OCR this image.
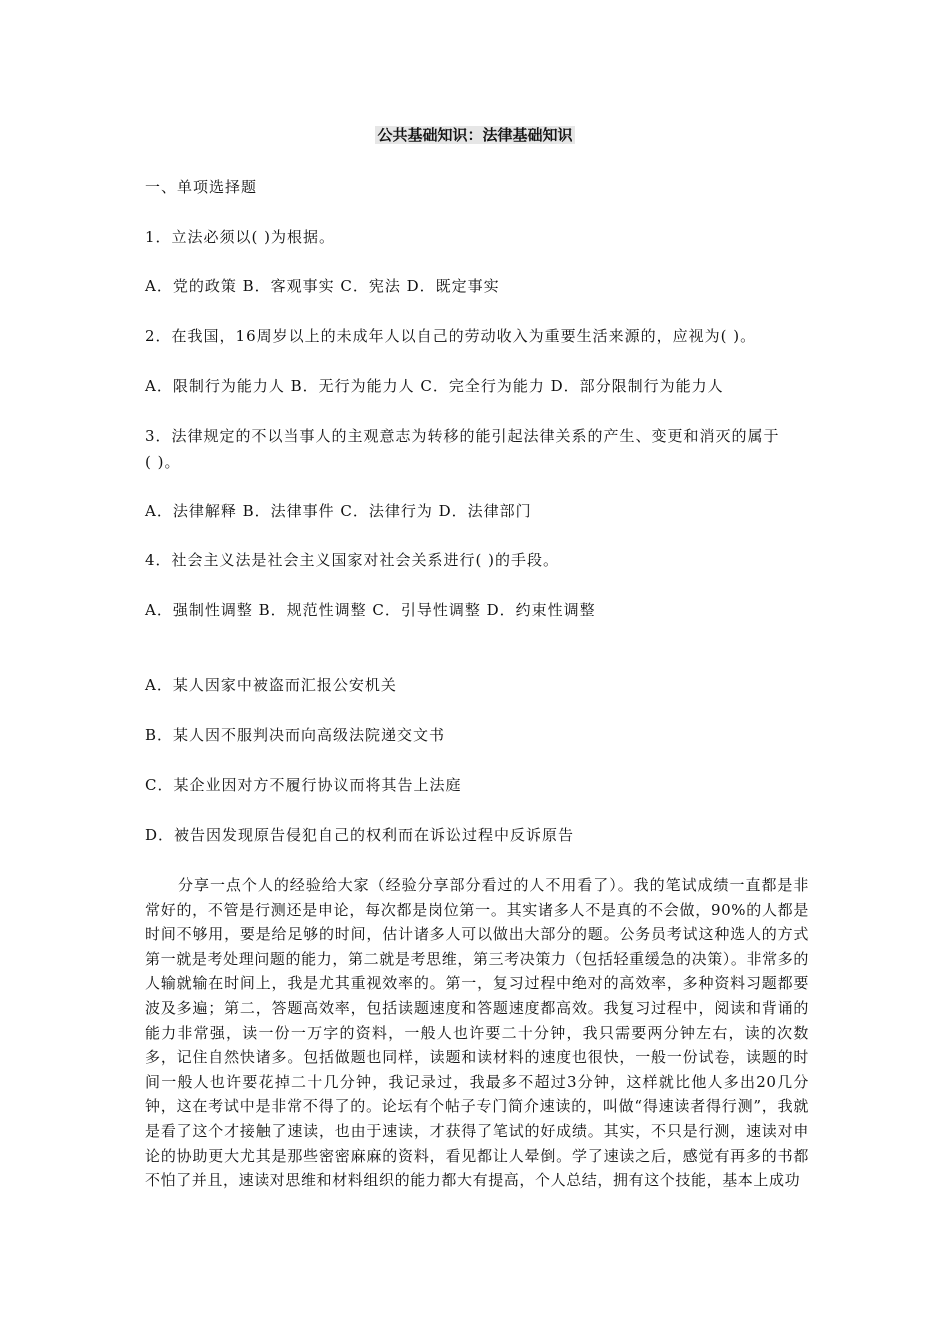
公共基础知识：法律基础知识
一、单项选择题
1．立法必须以( )为根据。
A．党的政策 B．客观事实 C．宪法 D．既定事实
2．在我国，16周岁以上的未成年人以自己的劳动收入为重要生活来源的，应视为( )。
A．限制行为能力人 B．无行为能力人 C．完全行为能力 D．部分限制行为能力人
3．法律规定的不以当事人的主观意志为转移的能引起法律关系的产生、变更和消灭的属于
( )。
A．法律解释 B．法律事件 C．法律行为 D．法律部门
4．社会主义法是社会主义国家对社会关系进行( )的手段。
A．强制性调整 B．规范性调整 C．引导性调整 D．约束性调整
A．某人因家中被盗而汇报公安机关
B．某人因不服判决而向高级法院递交文书
C．某企业因对方不履行协议而将其告上法庭
D．被告因发现原告侵犯自己的权利而在诉讼过程中反诉原告
分享一点个人的经验给大家（经验分享部分看过的人不用看了）。我的笔试成绩一直都是非常好的，不管是行测还是申论，每次都是岗位第一。其实诸多人不是真的不会做，90%的人都是时间不够用，要是给足够的时间，估计诸多人可以做出大部分的题。公务员考试这种选人的方式第一就是考处理问题的能力，第二就是考思维，第三考决策力（包括轻重缓急的决策）。非常多的人输就输在时间上，我是尤其重视效率的。第一，复习过程中绝对的高效率，多种资料习题都要波及多遍；第二，答题高效率，包括读题速度和答题速度都高效。我复习过程中，阅读和背诵的能力非常强，读一份一万字的资料，一般人也许要二十分钟，我只需要两分钟左右，读的次数多，记住自然快诸多。包括做题也同样，读题和读材料的速度也很快，一般一份试卷，读题的时间一般人也许要花掉二十几分钟，我记录过，我最多不超过3分钟，这样就比他人多出20几分钟，这在考试中是非常不得了的。论坛有个帖子专门简介速读的，叫做“得速读者得行测”，我就是看了这个才接触了速读，也由于速读，才获得了笔试的好成绩。其实，不只是行测，速读对申论的协助更大尤其是那些密密麻麻的资料，看见都让人晕倒。学了速读之后，感觉有再多的书都不怕了并且，速读对思维和材料组织的能力都大有提高，个人总结，拥有这个技能，基本上成功
